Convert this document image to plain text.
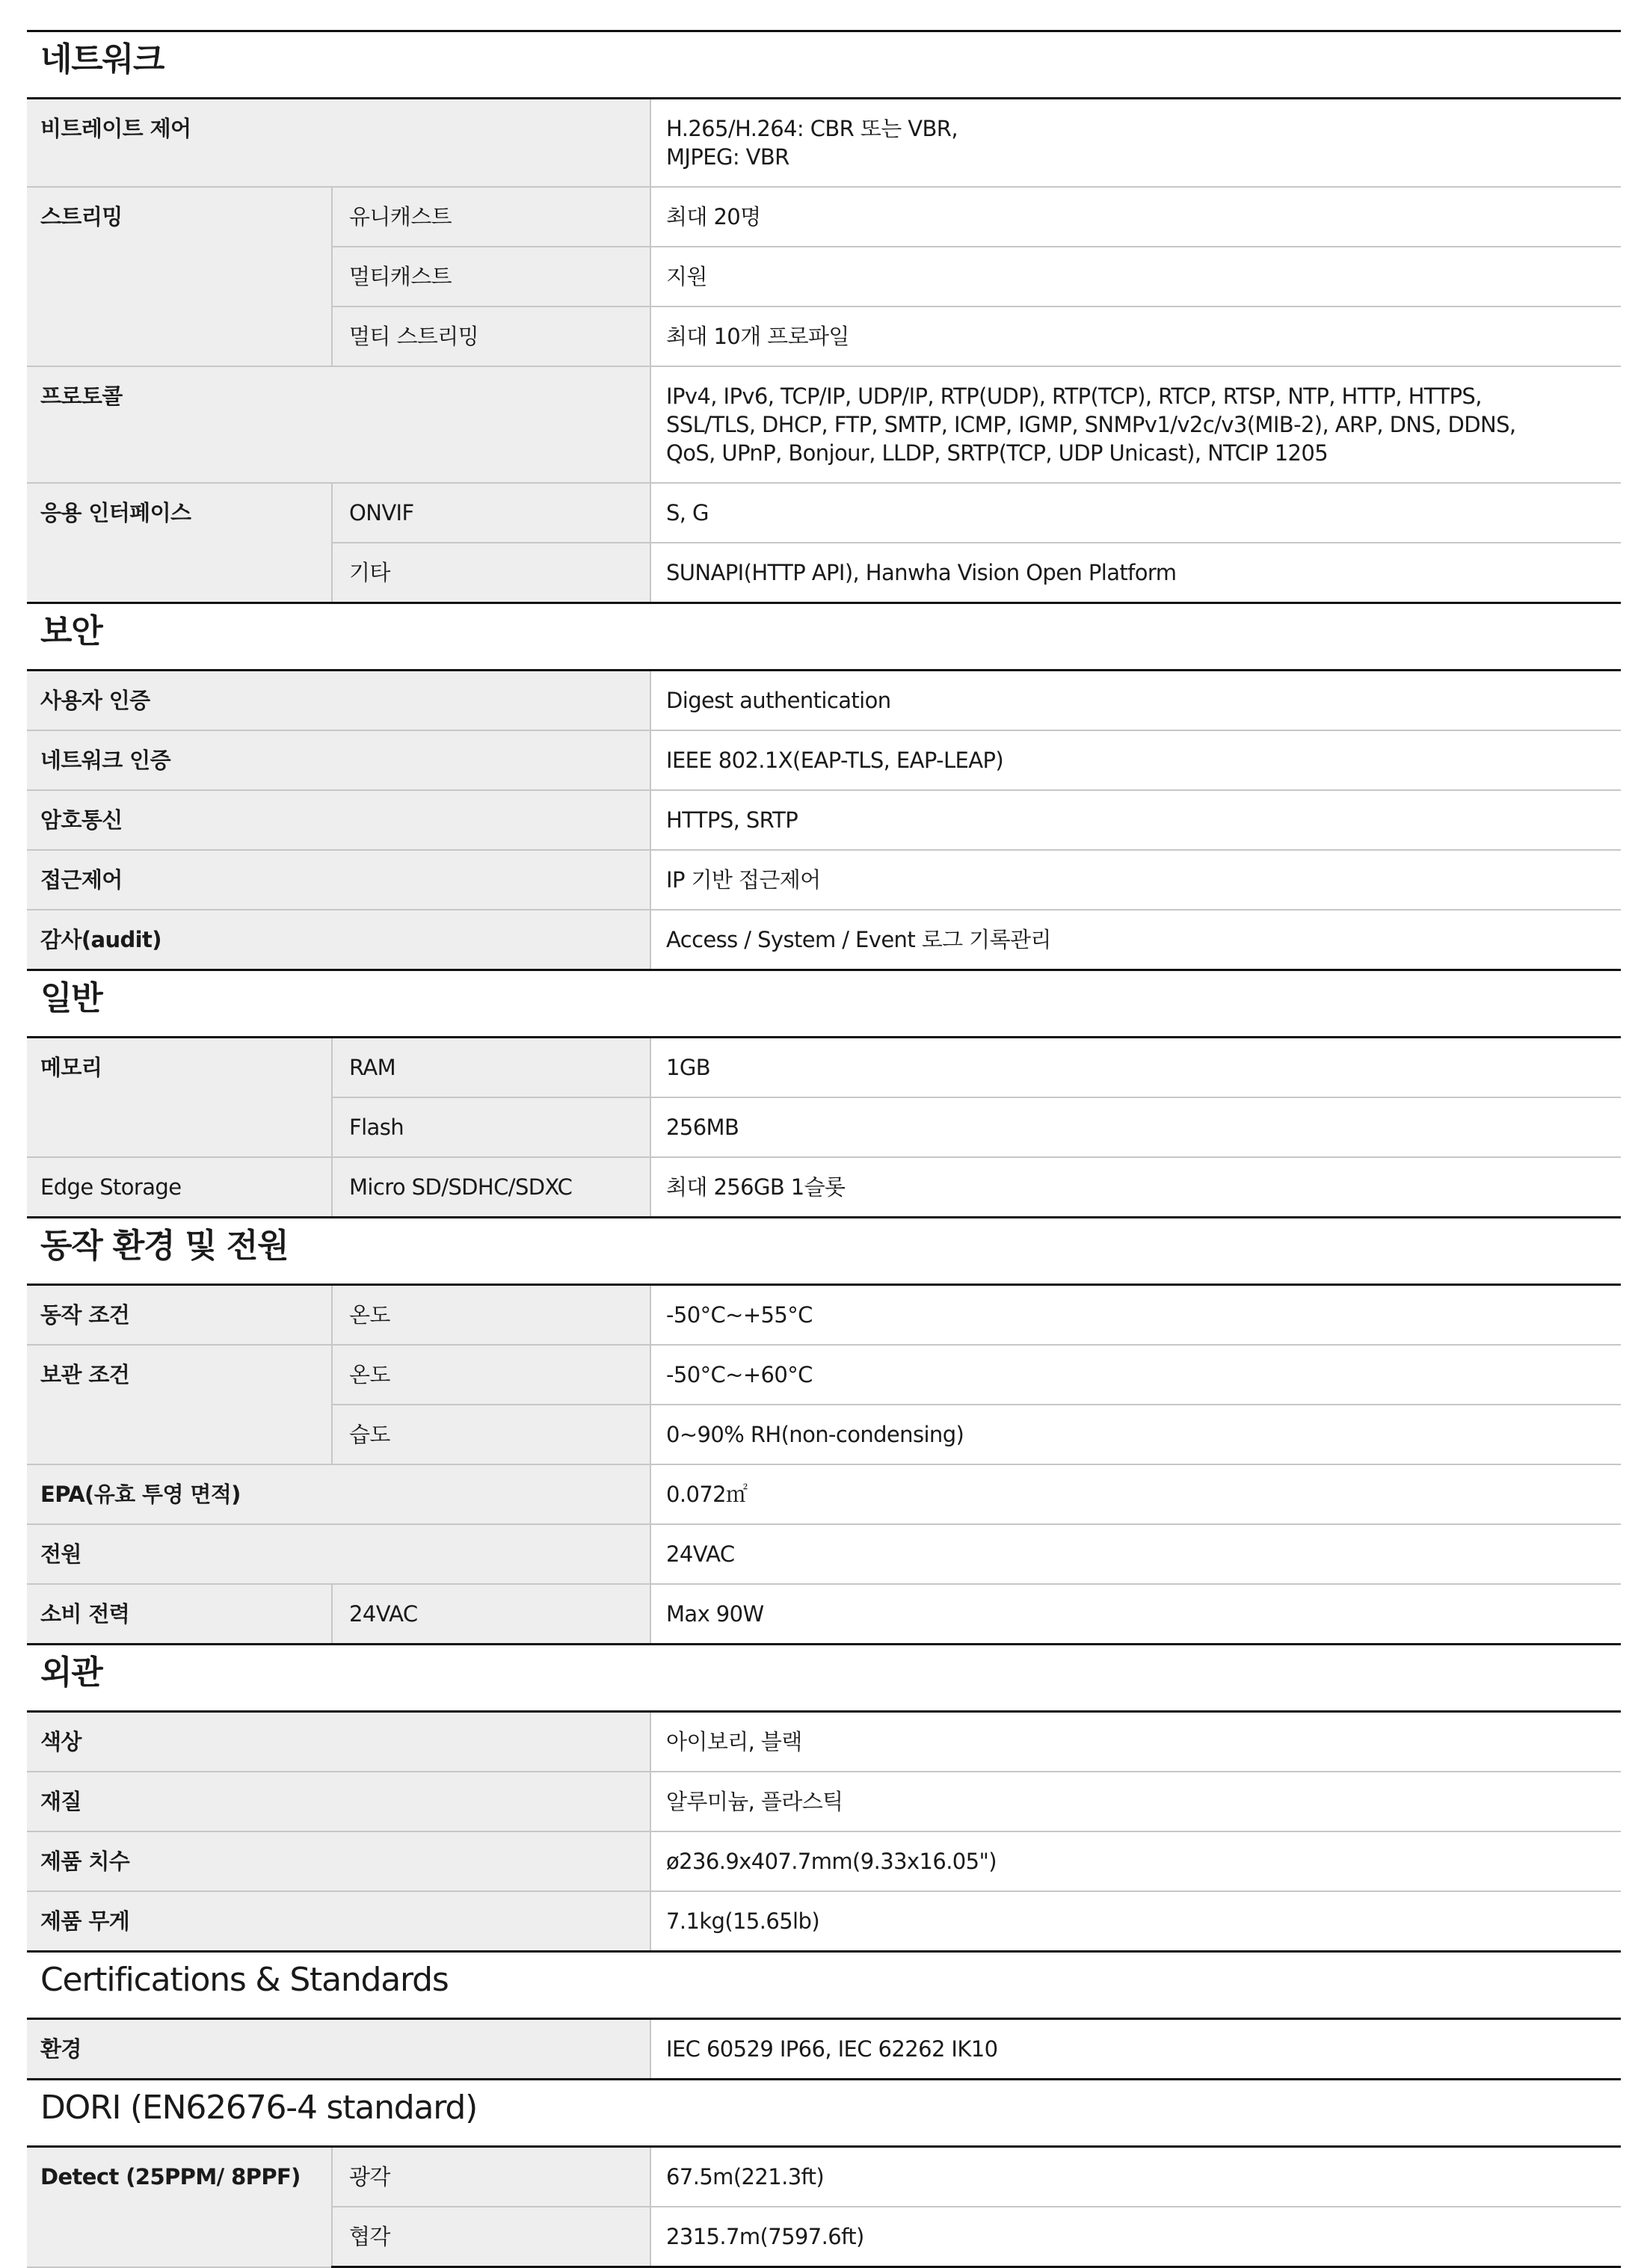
네트워크		
비트레이트 제어		H.265/H.264: CBR 또는 VBR,
MJPEG: VBR
스트리밍	유니캐스트	최대 20명
	멀티캐스트	지원
	멀티 스트리밍	최대 10개 프로파일
프로토콜		IPv4, IPv6, TCP/IP, UDP/IP, RTP(UDP), RTP(TCP), RTCP, RTSP, NTP, HTTP, HTTPS,
SSL/TLS, DHCP, FTP, SMTP, ICMP, IGMP, SNMPv1/v2c/v3(MIB-2), ARP, DNS, DDNS,
QoS, UPnP, Bonjour, LLDP, SRTP(TCP, UDP Unicast), NTCIP 1205
응용 인터페이스	ONVIF	S, G
	기타	SUNAPI(HTTP API), Hanwha Vision Open Platform
보안		
사용자 인증		Digest authentication
네트워크 인증		IEEE 802.1X(EAP-TLS, EAP-LEAP)
암호통신		HTTPS, SRTP
접근제어		IP 기반 접근제어
감사(audit)		Access / System / Event 로그 기록관리
일반		
메모리	RAM	1GB
	Flash	256MB
Edge Storage	Micro SD/SDHC/SDXC	최대 256GB 1슬롯
동작 환경 및 전원		
동작 조건	온도	-50°C~+55°C
보관 조건	온도	-50°C~+60°C
	습도	0~90% RH(non-condensing)
EPA(유효 투영 면적)		0.072㎡
전원		24VAC
소비 전력	24VAC	Max 90W
외관		
색상		아이보리, 블랙
재질		알루미늄, 플라스틱
제품 치수		ø236.9x407.7mm(9.33x16.05")
제품 무게		7.1kg(15.65lb)
Certifications & Standards		
환경		IEC 60529 IP66, IEC 62262 IK10
DORI (EN62676-4 standard)		
Detect (25PPM/ 8PPF)	광각	67.5m(221.3ft)
	협각	2315.7m(7597.6ft)
